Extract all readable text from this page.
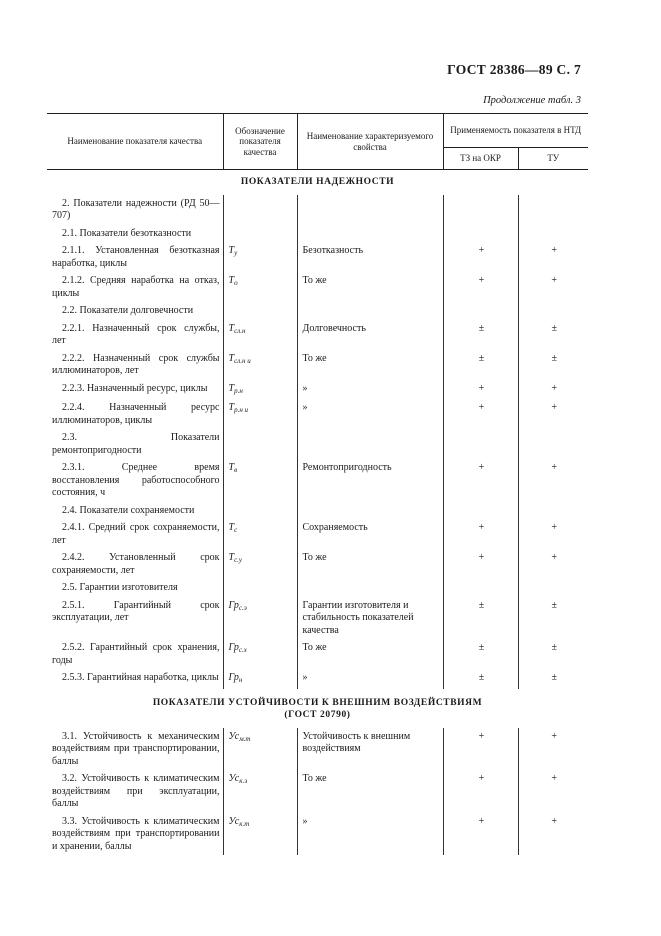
ГОСТ 28386—89 С. 7
Продолжение табл. 3
Наименование показателя качества	Обозначение показателя качества	Наименование характеризуемого свойства	Применяемость показателя в НТД	
			ТЗ на ОКР	ТУ

ПОКАЗАТЕЛИ НАДЕЖНОСТИ				

2. Показатели надежности (РД 50—707)				
2.1. Показатели безотказности				
2.1.1. Установленная безотказная наработка, циклы	$T_у$	Безотказность	+	+
2.1.2. Средняя наработка на отказ, циклы	$T_о$	То же	+	+
2.2. Показатели долговечности				
2.2.1. Назначенный срок службы, лет	$T_{сл.н}$	Долговечность	±	±
2.2.2. Назначенный срок службы иллюминаторов, лет	$T_{сл.н и}$	То же	±	±
2.2.3. Назначенный ресурс, циклы	$T_{р.н}$	»	+	+
2.2.4. Назначенный ресурс иллюминаторов, циклы	$T_{р.н и}$	»	+	+
2.3. Показатели ремонтопригодности				
2.3.1. Среднее время восстановления работоспособного состояния, ч	$T_в$	Ремонтопригодность	+	+
2.4. Показатели сохраняемости				
2.4.1. Средний срок сохраняемости, лет	$T_с$	Сохраняемость	+	+
2.4.2. Установленный срок сохраняемости, лет	$T_{с.у}$	То же	+	+
2.5. Гарантии изготовителя				
2.5.1. Гарантийный срок эксплуатации, лет	$Гр_{с.э}$	Гарантии изготовителя и стабильность показателей качества	±	±
2.5.2. Гарантийный срок хранения, годы	$Гр_{с.х}$	То же	±	±
2.5.3. Гарантийная наработка, циклы	$Гр_н$	»	±	±

ПОКАЗАТЕЛИ УСТОЙЧИВОСТИ К ВНЕШНИМ ВОЗДЕЙСТВИЯМ
(ГОСТ 20790)				

3.1. Устойчивость к механическим воздействиям при транспортировании, баллы	$Ус_{м.т}$	Устойчивость к внешним воздействиям	+	+
3.2. Устойчивость к климатическим воздействиям при эксплуатации, баллы	$Ус_{к.э}$	То же	+	+
3.3. Устойчивость к климатическим воздействиям при транспортировании и хранении, баллы	$Ус_{к.т}$	»	+	+
